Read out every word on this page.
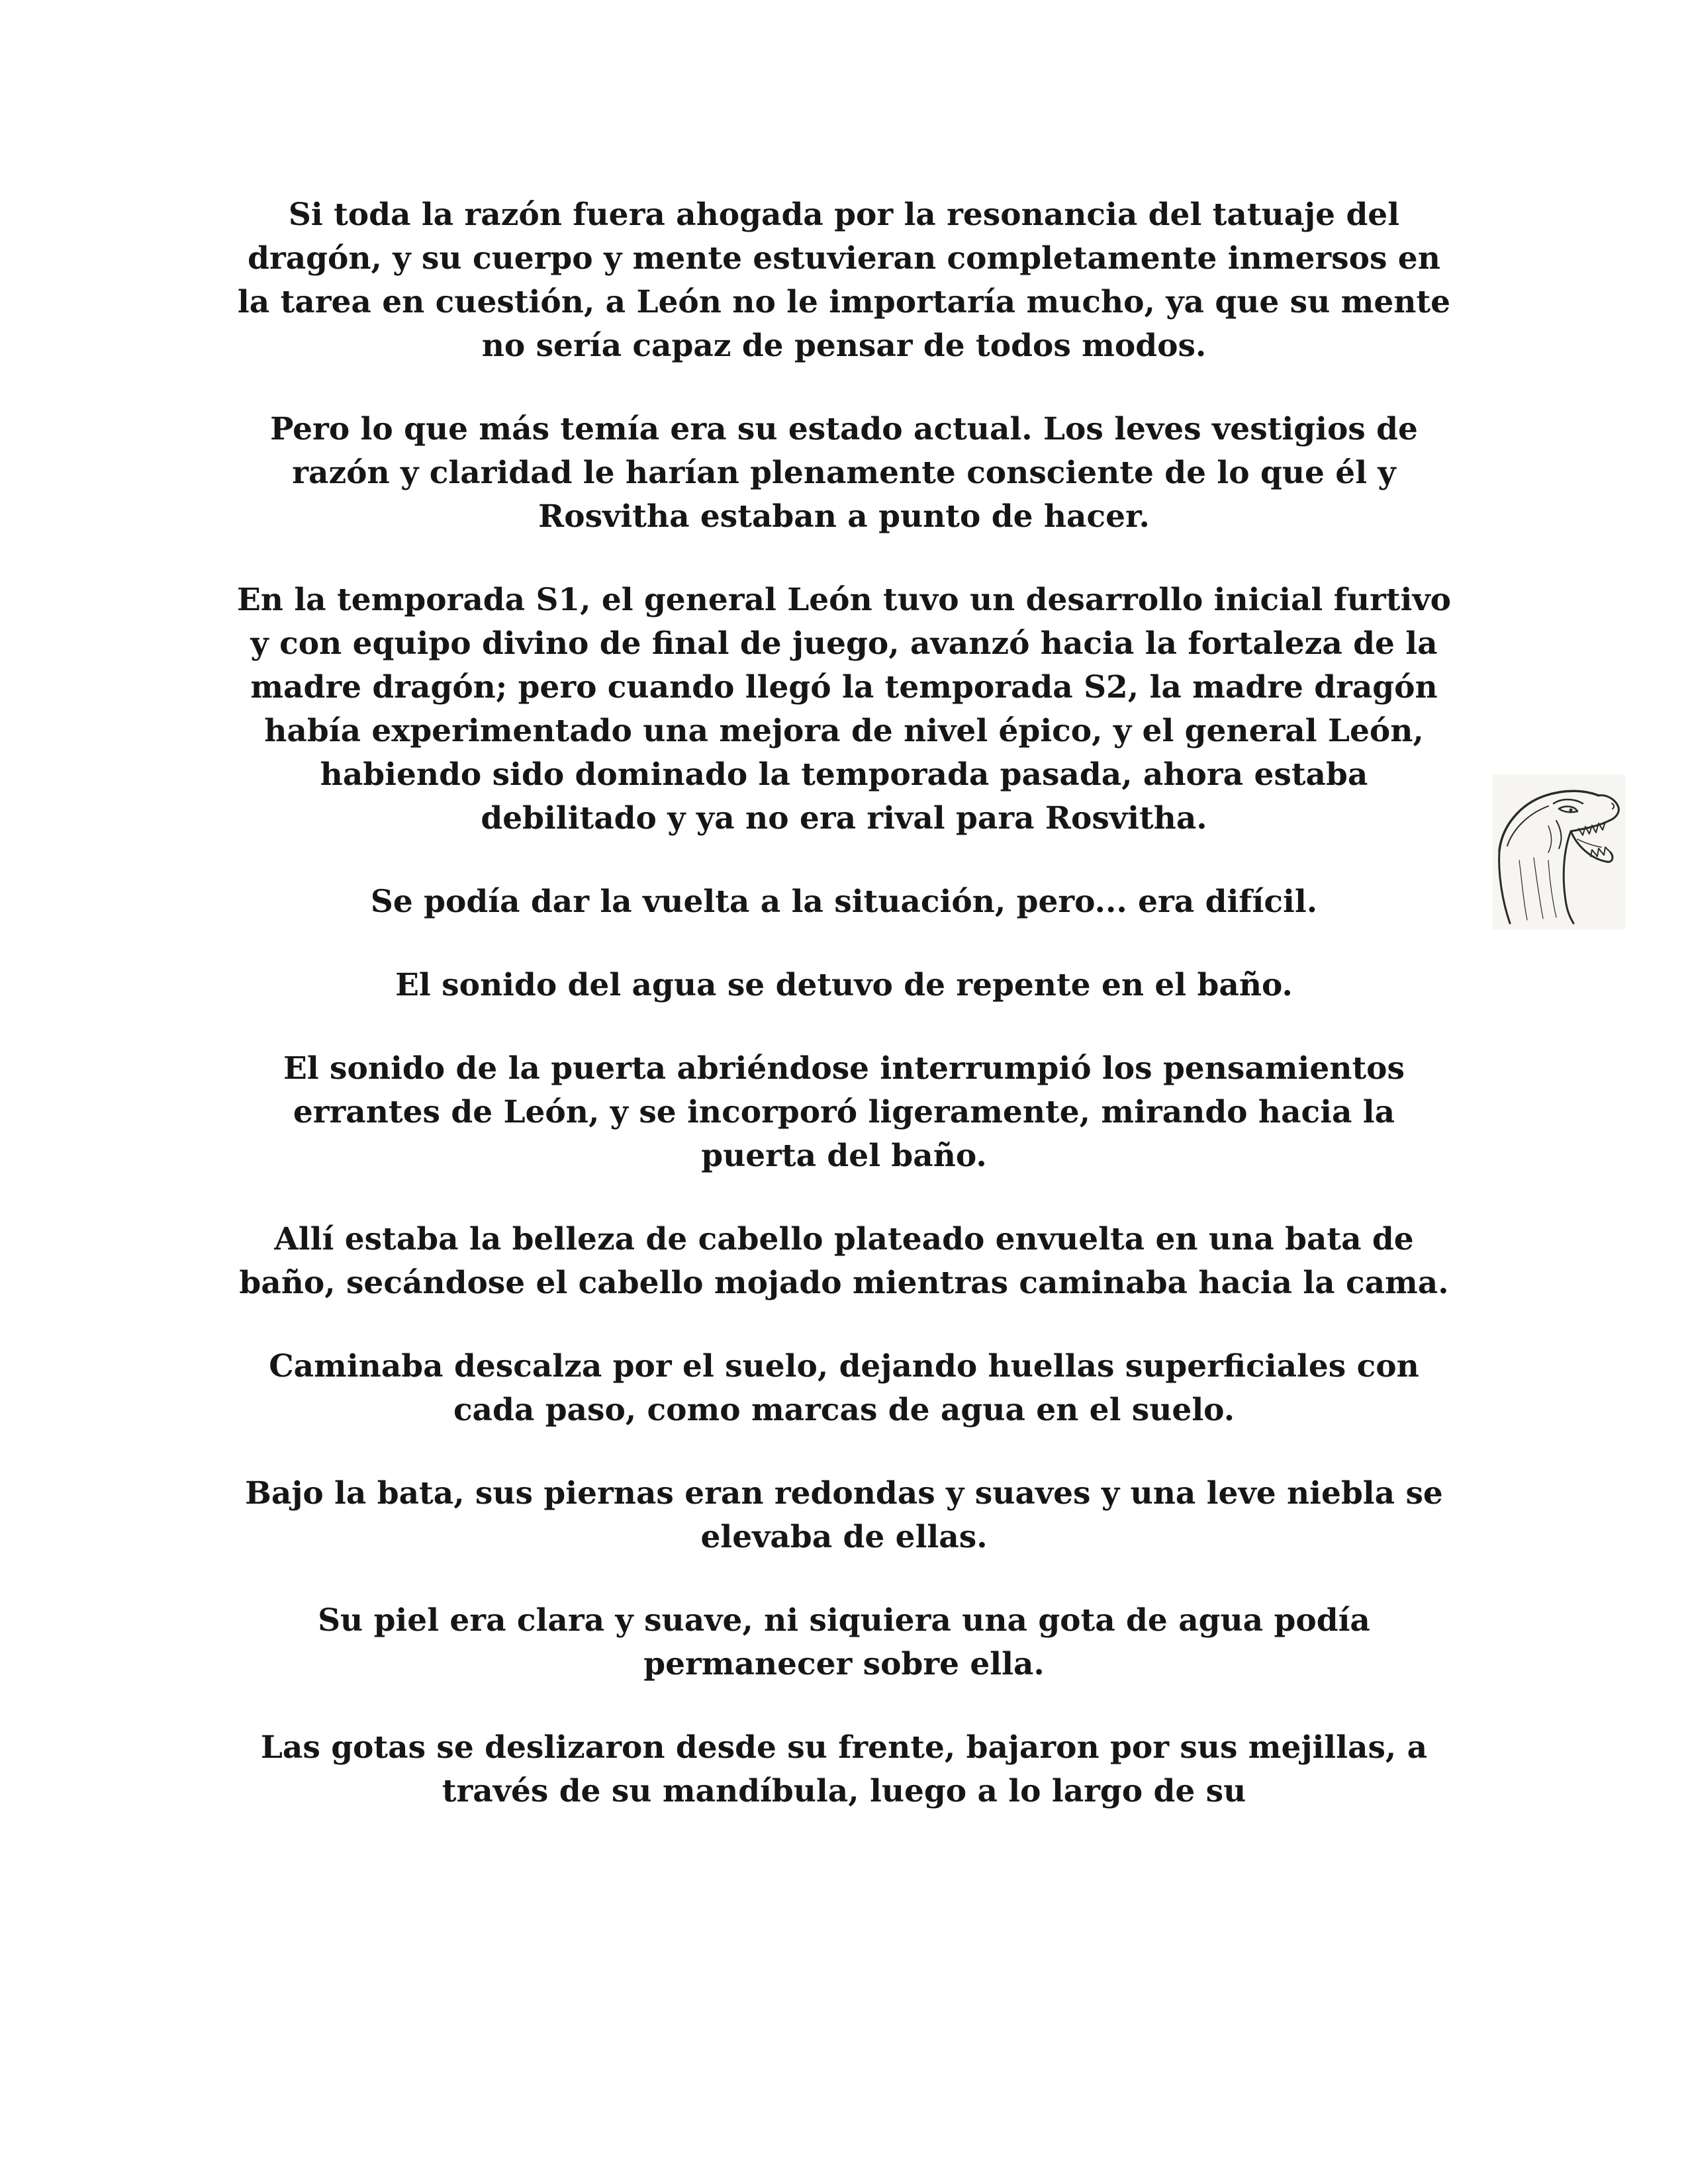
Si toda la razón fuera ahogada por la resonancia del tatuaje del dragón, y su cuerpo y mente estuvieran completamente inmersos en la tarea en cuestión, a León no le importaría mucho, ya que su mente no sería capaz de pensar de todos modos.

Pero lo que más temía era su estado actual. Los leves vestigios de razón y claridad le harían plenamente consciente de lo que él y Rosvitha estaban a punto de hacer.

En la temporada S1, el general León tuvo un desarrollo inicial furtivo y con equipo divino de final de juego, avanzó hacia la fortaleza de la madre dragón; pero cuando llegó la temporada S2, la madre dragón había experimentado una mejora de nivel épico, y el general León, habiendo sido dominado la temporada pasada, ahora estaba debilitado y ya no era rival para Rosvitha.

Se podía dar la vuelta a la situación, pero... era difícil.

El sonido del agua se detuvo de repente en el baño.

El sonido de la puerta abriéndose interrumpió los pensamientos errantes de León, y se incorporó ligeramente, mirando hacia la puerta del baño.

Allí estaba la belleza de cabello plateado envuelta en una bata de baño, secándose el cabello mojado mientras caminaba hacia la cama.

Caminaba descalza por el suelo, dejando huellas superficiales con cada paso, como marcas de agua en el suelo.

Bajo la bata, sus piernas eran redondas y suaves y una leve niebla se elevaba de ellas.

Su piel era clara y suave, ni siquiera una gota de agua podía permanecer sobre ella.

Las gotas se deslizaron desde su frente, bajaron por sus mejillas, a través de su mandíbula, luego a lo largo de su
